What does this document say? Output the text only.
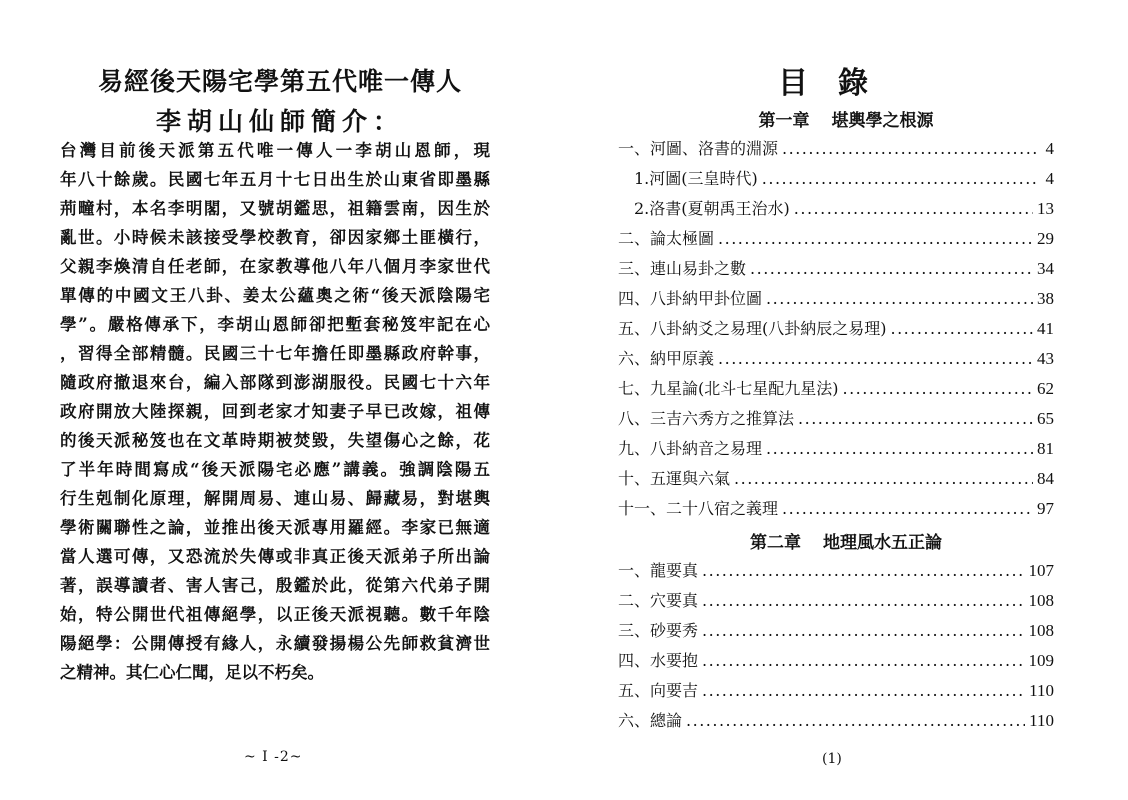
易經後天陽宅學第五代唯一傳人
李胡山仙師簡介：
台灣目前後天派第五代唯一傳人一李胡山恩師，現
年八十餘歲。民國七年五月十七日出生於山東省即墨縣
荊疃村，本名李明閣，又號胡鑑思，祖籍雲南，因生於
亂世。小時候未該接受學校教育，卻因家鄉土匪橫行，
父親李煥清自任老師，在家教導他八年八個月李家世代
單傳的中國文王八卦、姜太公蘊奧之術“後天派陰陽宅
學”。嚴格傳承下，李胡山恩師卻把塹套秘笈牢記在心
，習得全部精髓。民國三十七年擔任即墨縣政府幹事，
隨政府撤退來台，編入部隊到澎湖服役。民國七十六年
政府開放大陸探親，回到老家才知妻子早已改嫁，祖傳
的後天派秘笈也在文革時期被焚毀，失望傷心之餘，花
了半年時間寫成“後天派陽宅必應”講義。強調陰陽五
行生剋制化原理，解開周易、連山易、歸藏易，對堪輿
學術關聯性之論，並推出後天派專用羅經。李家已無適
當人選可傳，又恐流於失傳或非真正後天派弟子所出論
著，誤導讀者、害人害己，殷鑑於此，從第六代弟子開
始，特公開世代祖傳絕學，以正後天派視聽。數千年陰
陽絕學：公開傳授有緣人，永續發揚楊公先師救貧濟世
之精神。其仁心仁聞，足以不朽矣。
~ I -2~
目錄
第一章 堪輿學之根源
一、河圖、洛書的淵源 .....	4
1.河圖(三皇時代) .....	4
2.洛書(夏朝禹王治水) .....	13
二、論太極圖 .....	29
三、連山易卦之數 .....	34
四、八卦納甲卦位圖 .....	38
五、八卦納爻之易理(八卦納辰之易理) .....	41
六、納甲原義 .....	43
七、九星論(北斗七星配九星法) .....	62
八、三吉六秀方之推算法 .....	65
九、八卦納音之易理 .....	81
十、五運與六氣 .....	84
十一、二十八宿之義理 .....	97
第二章 地理風水五正論
一、龍要真 .....	107
二、穴要真 .....	108
三、砂要秀 .....	108
四、水要抱 .....	109
五、向要吉 .....	110
六、總論 .....	110
(1)
